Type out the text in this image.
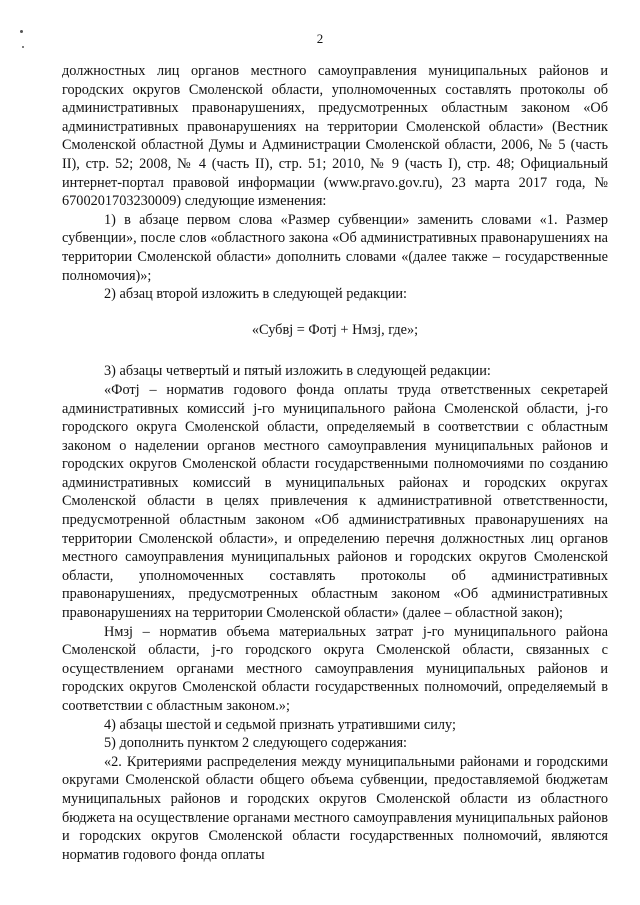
2

должностных лиц органов местного самоуправления муниципальных районов и городских округов Смоленской области, уполномоченных составлять протоколы об административных правонарушениях, предусмотренных областным законом «Об административных правонарушениях на территории Смоленской области» (Вестник Смоленской областной Думы и Администрации Смоленской области, 2006, № 5 (часть II), стр. 52; 2008, № 4 (часть II), стр. 51; 2010, № 9 (часть I), стр. 48; Официальный интернет-портал правовой информации (www.pravo.gov.ru), 23 марта 2017 года, № 6700201703230009) следующие изменения:

1) в абзаце первом слова «Размер субвенции» заменить словами «1. Размер субвенции», после слов «областного закона «Об административных правонарушениях на территории Смоленской области» дополнить словами «(далее также – государственные полномочия)»;

2) абзац второй изложить в следующей редакции:

«Субвj = Фотj + Нмзj, где»;

3) абзацы четвертый и пятый изложить в следующей редакции:

«Фотj – норматив годового фонда оплаты труда ответственных секретарей административных комиссий j-го муниципального района Смоленской области, j-го городского округа Смоленской области, определяемый в соответствии с областным законом о наделении органов местного самоуправления муниципальных районов и городских округов Смоленской области государственными полномочиями по созданию административных комиссий в муниципальных районах и городских округах Смоленской области в целях привлечения к административной ответственности, предусмотренной областным законом «Об административных правонарушениях на территории Смоленской области», и определению перечня должностных лиц органов местного самоуправления муниципальных районов и городских округов Смоленской области, уполномоченных составлять протоколы об административных правонарушениях, предусмотренных областным законом «Об административных правонарушениях на территории Смоленской области» (далее – областной закон);

Нмзj – норматив объема материальных затрат j-го муниципального района Смоленской области, j-го городского округа Смоленской области, связанных с осуществлением органами местного самоуправления муниципальных районов и городских округов Смоленской области государственных полномочий, определяемый в соответствии с областным законом.»;

4) абзацы шестой и седьмой признать утратившими силу;

5) дополнить пунктом 2 следующего содержания:

«2. Критериями распределения между муниципальными районами и городскими округами Смоленской области общего объема субвенции, предоставляемой бюджетам муниципальных районов и городских округов Смоленской области из областного бюджета на осуществление органами местного самоуправления муниципальных районов и городских округов Смоленской области государственных полномочий, являются норматив годового фонда оплаты
